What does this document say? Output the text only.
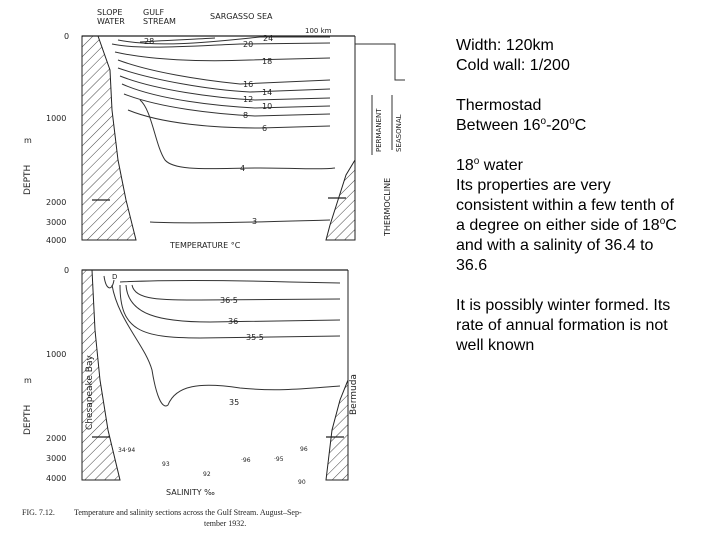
SLOPE
WATER
GULF
STREAM
SARGASSO SEA
100 km
28	24
20
18
16
14
12
10
8
6
4
3
0
1000
2000
3000
4000
m
DEPTH
TEMPERATURE °C
PERMANENT SEASONAL
THERMOCLINE
36·5
36
35·5
35
D
34·94
93
92
·96	·95
96
90
Chesapeake Bay	Bermuda
0
1000
2000
3000
4000
m
DEPTH
SALINITY ‰
FIG. 7.12. Temperature and salinity sections across the Gulf Stream. August–Sep-
tember 1932.
Width: 120km
Cold wall: 1/200
Thermostad
Between 16$^o$-20$^o$C
18$^o$ water
Its properties are very
consistent within a few tenth of
a degree on either side of 18$^o$C
and with a salinity of 36.4 to
36.6
It is possibly winter formed. Its
rate of annual formation is not
well known
